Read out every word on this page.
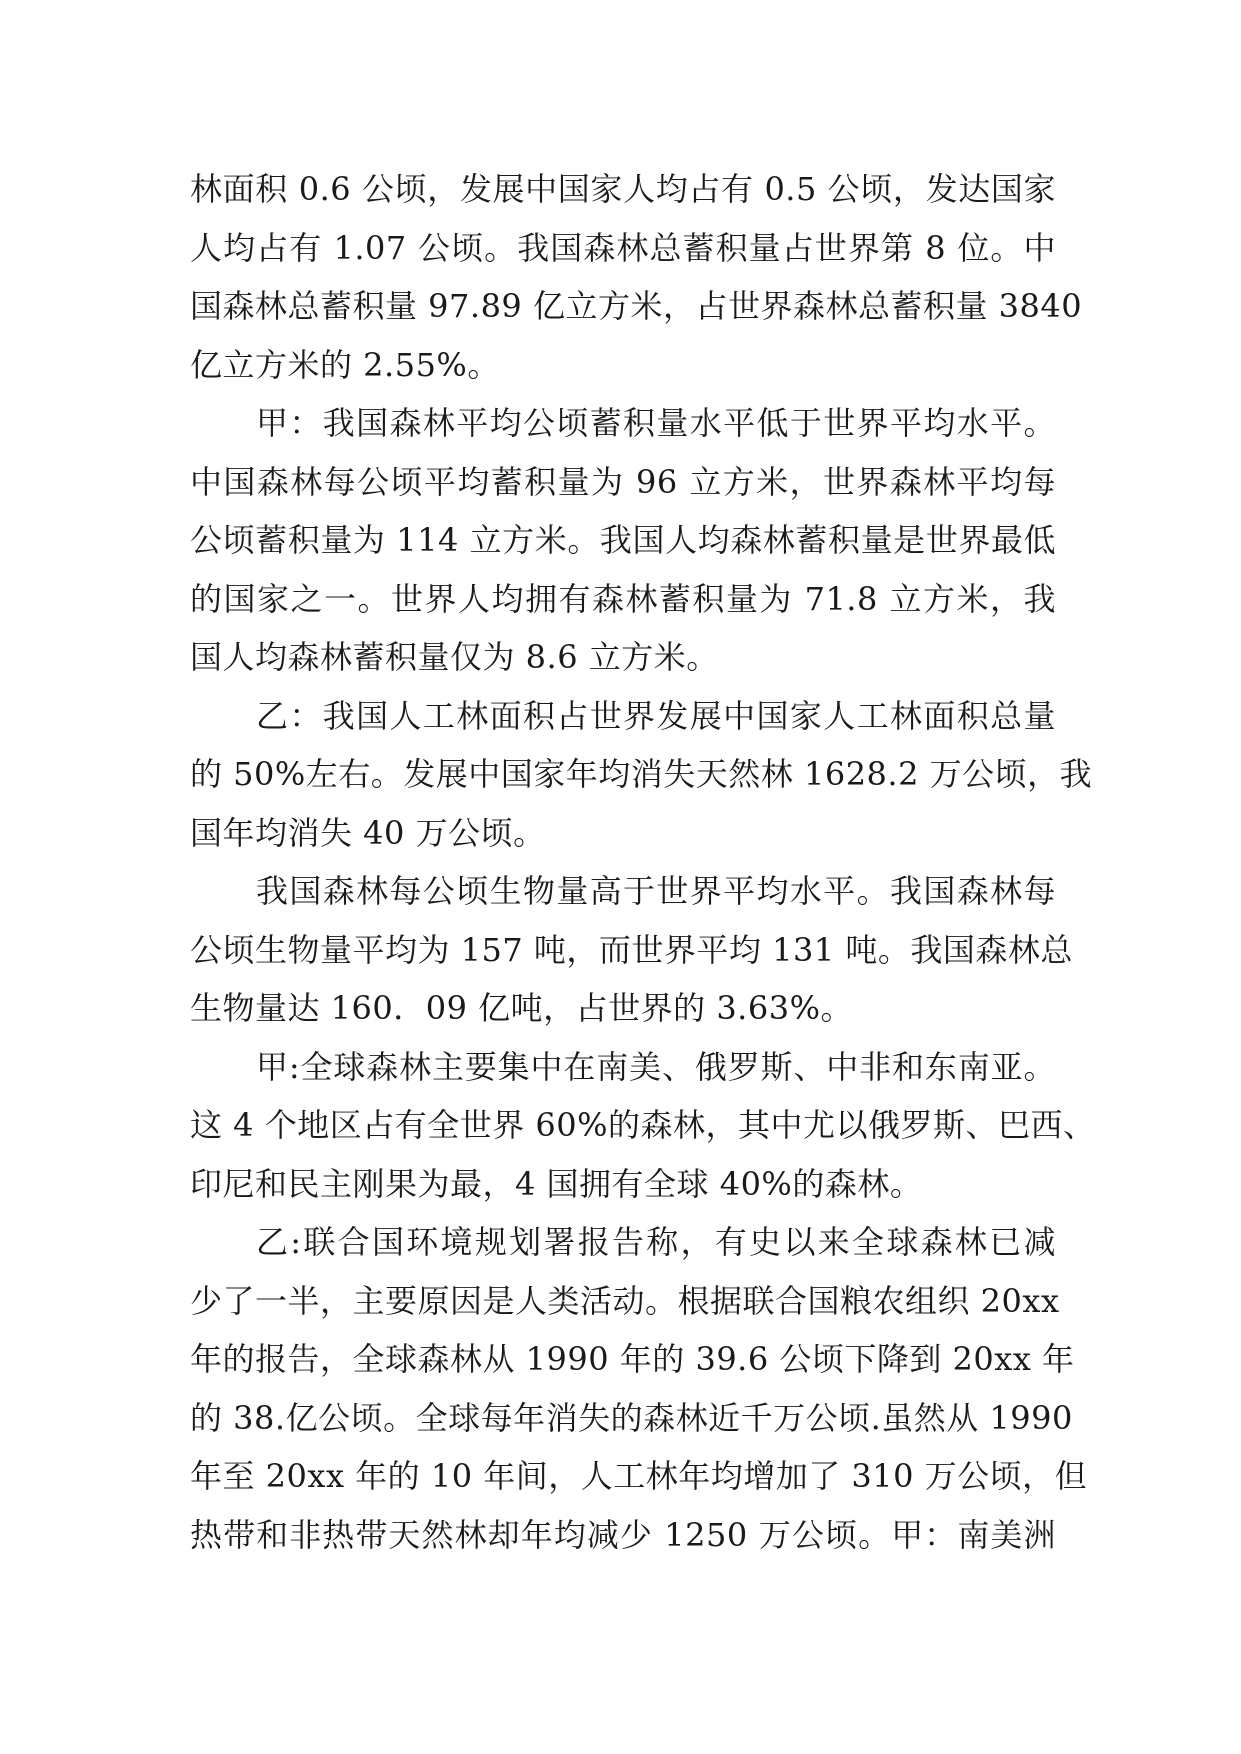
林面积 0.6 公顷，发展中国家人均占有 0.5 公顷，发达国家
人均占有 1.07 公顷。我国森林总蓄积量占世界第 8 位。中
国森林总蓄积量 97.89 亿立方米，占世界森林总蓄积量 3840
亿立方米的 2.55%。
甲：我国森林平均公顷蓄积量水平低于世界平均水平。
中国森林每公顷平均蓄积量为 96 立方米，世界森林平均每
公顷蓄积量为 114 立方米。我国人均森林蓄积量是世界最低
的国家之一。世界人均拥有森林蓄积量为 71.8 立方米，我
国人均森林蓄积量仅为 8.6 立方米。
乙：我国人工林面积占世界发展中国家人工林面积总量
的 50%左右。发展中国家年均消失天然林 1628.2 万公顷，我
国年均消失 40 万公顷。
我国森林每公顷生物量高于世界平均水平。我国森林每
公顷生物量平均为 157 吨，而世界平均 131 吨。我国森林总
生物量达 160．09 亿吨，占世界的 3.63%。
甲:全球森林主要集中在南美、俄罗斯、中非和东南亚。
这 4 个地区占有全世界 60%的森林，其中尤以俄罗斯、巴西、
印尼和民主刚果为最，4 国拥有全球 40%的森林。
乙:联合国环境规划署报告称，有史以来全球森林已减
少了一半，主要原因是人类活动。根据联合国粮农组织 20xx
年的报告，全球森林从 1990 年的 39.6 公顷下降到 20xx 年
的 38.亿公顷。全球每年消失的森林近千万公顷.虽然从 1990
年至 20xx 年的 10 年间，人工林年均增加了 310 万公顷，但
热带和非热带天然林却年均减少 1250 万公顷。甲：南美洲
